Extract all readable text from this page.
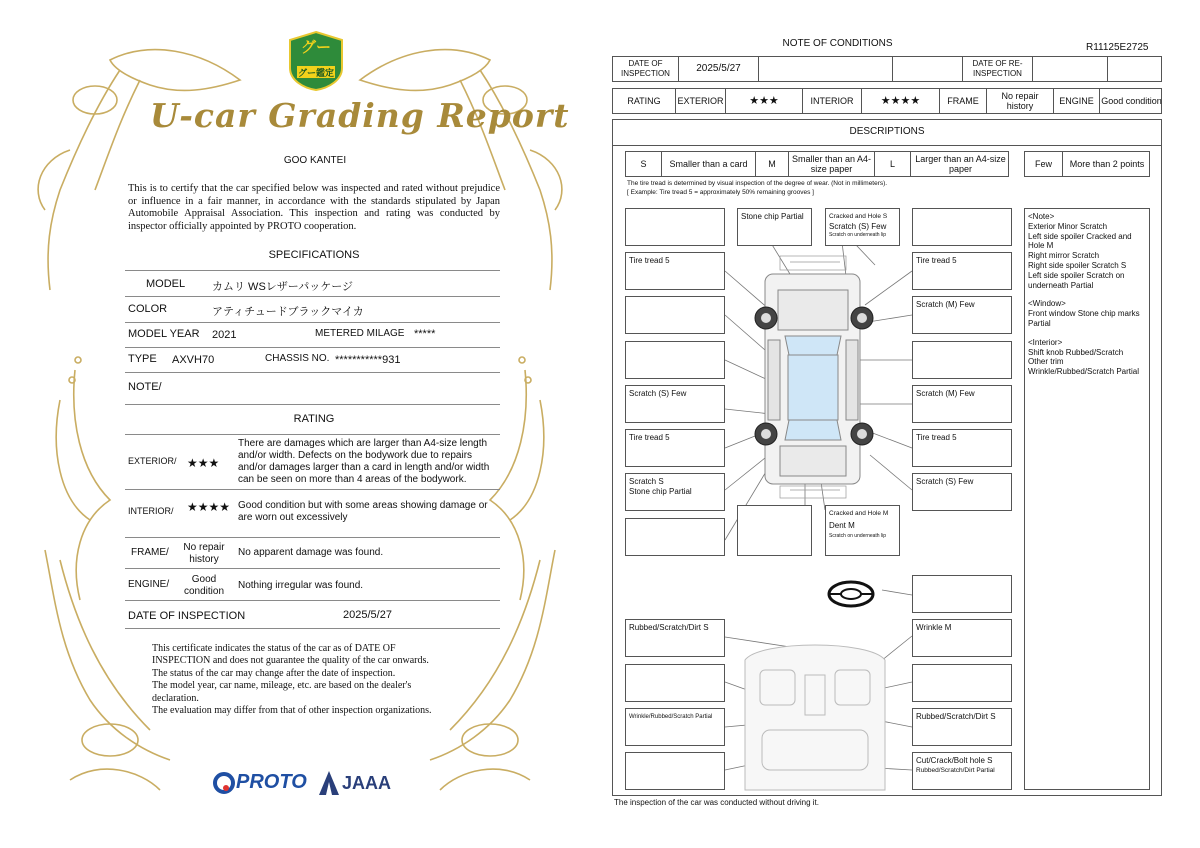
グー
グー鑑定
U-car Grading Report
GOO KANTEI
This is to certify that the car specified below was inspected and rated without prejudice or influence in a fair manner, in accordance with the standards stipulated by Japan Automobile Appraisal Association. This inspection and rating was conducted by inspector officially appointed by PROTO cooperation.
SPECIFICATIONS
MODEL カムリ WSレザーパッケージ
COLOR	アティチュードブラックマイカ
MODEL YEAR 2021	METERED MILAGE *****
TYPE AXVH70	CHASSIS NO. ***********931
NOTE/
RATING
EXTERIOR/ ★★★
There are damages which are larger than A4-size length and/or width. Defects on the bodywork due to repairs and/or damages larger than a card in length and/or width can be seen on more than 4 areas of the bodywork.
INTERIOR/ ★★★★ Good condition but with some areas showing damage or are worn out excessively
FRAME/	No repair history
No apparent damage was found.
ENGINE/	Good condition
Nothing irregular was found.
DATE OF INSPECTION	2025/5/27
This certificate indicates the status of the car as of DATE OF
INSPECTION and does not guarantee the quality of the car onwards.
The status of the car may change after the date of inspection.
The model year, car name, mileage, etc. are based on the dealer's
declaration.
The evaluation may differ from that of other inspection organizations.
PROTO JAAA
NOTE OF CONDITIONS	R11125E2725
DATE OF INSPECTION	2025/5/27	DATE OF RE-INSPECTION
RATING	EXTERIOR	★★★	INTERIOR	★★★★	FRAME	No repair history	ENGINE Good condition
DESCRIPTIONS
S	Smaller than a card	M	Smaller than an A4-size paper	L	Larger than an A4-size paper	Few	More than 2 points
The tire tread is determined by visual inspection of the degree of wear. (Not in millimeters).
[ Example: Tire tread 5 = approximately 50% remaining grooves ]
Tire tread 5
Scratch (S) Few
Tire tread 5
Scratch S
Stone chip Partial
Stone chip Partial	Cracked and Hole S
Scratch (S) Few
Scratch on underneath lip
Tire tread 5
Scratch (M) Few
Scratch (M) Few
Tire tread 5
Scratch (S) Few
Cracked and Hole M
Dent M
Scratch on underneath lip
Rubbed/Scratch/Dirt S
Wrinkle/Rubbed/Scratch Partial
Wrinkle M
Rubbed/Scratch/Dirt S
Cut/Crack/Bolt hole S
Rubbed/Scratch/Dirt Partial
<Note>
Exterior Minor Scratch
Left side spoiler Cracked and Hole M
Right mirror Scratch
Right side spoiler Scratch S
Left side spoiler Scratch on underneath Partial
<Window>
Front window Stone chip marks Partial
<Interior>
Shift knob Rubbed/Scratch
Other trim
Wrinkle/Rubbed/Scratch Partial
The inspection of the car was conducted without driving it.
